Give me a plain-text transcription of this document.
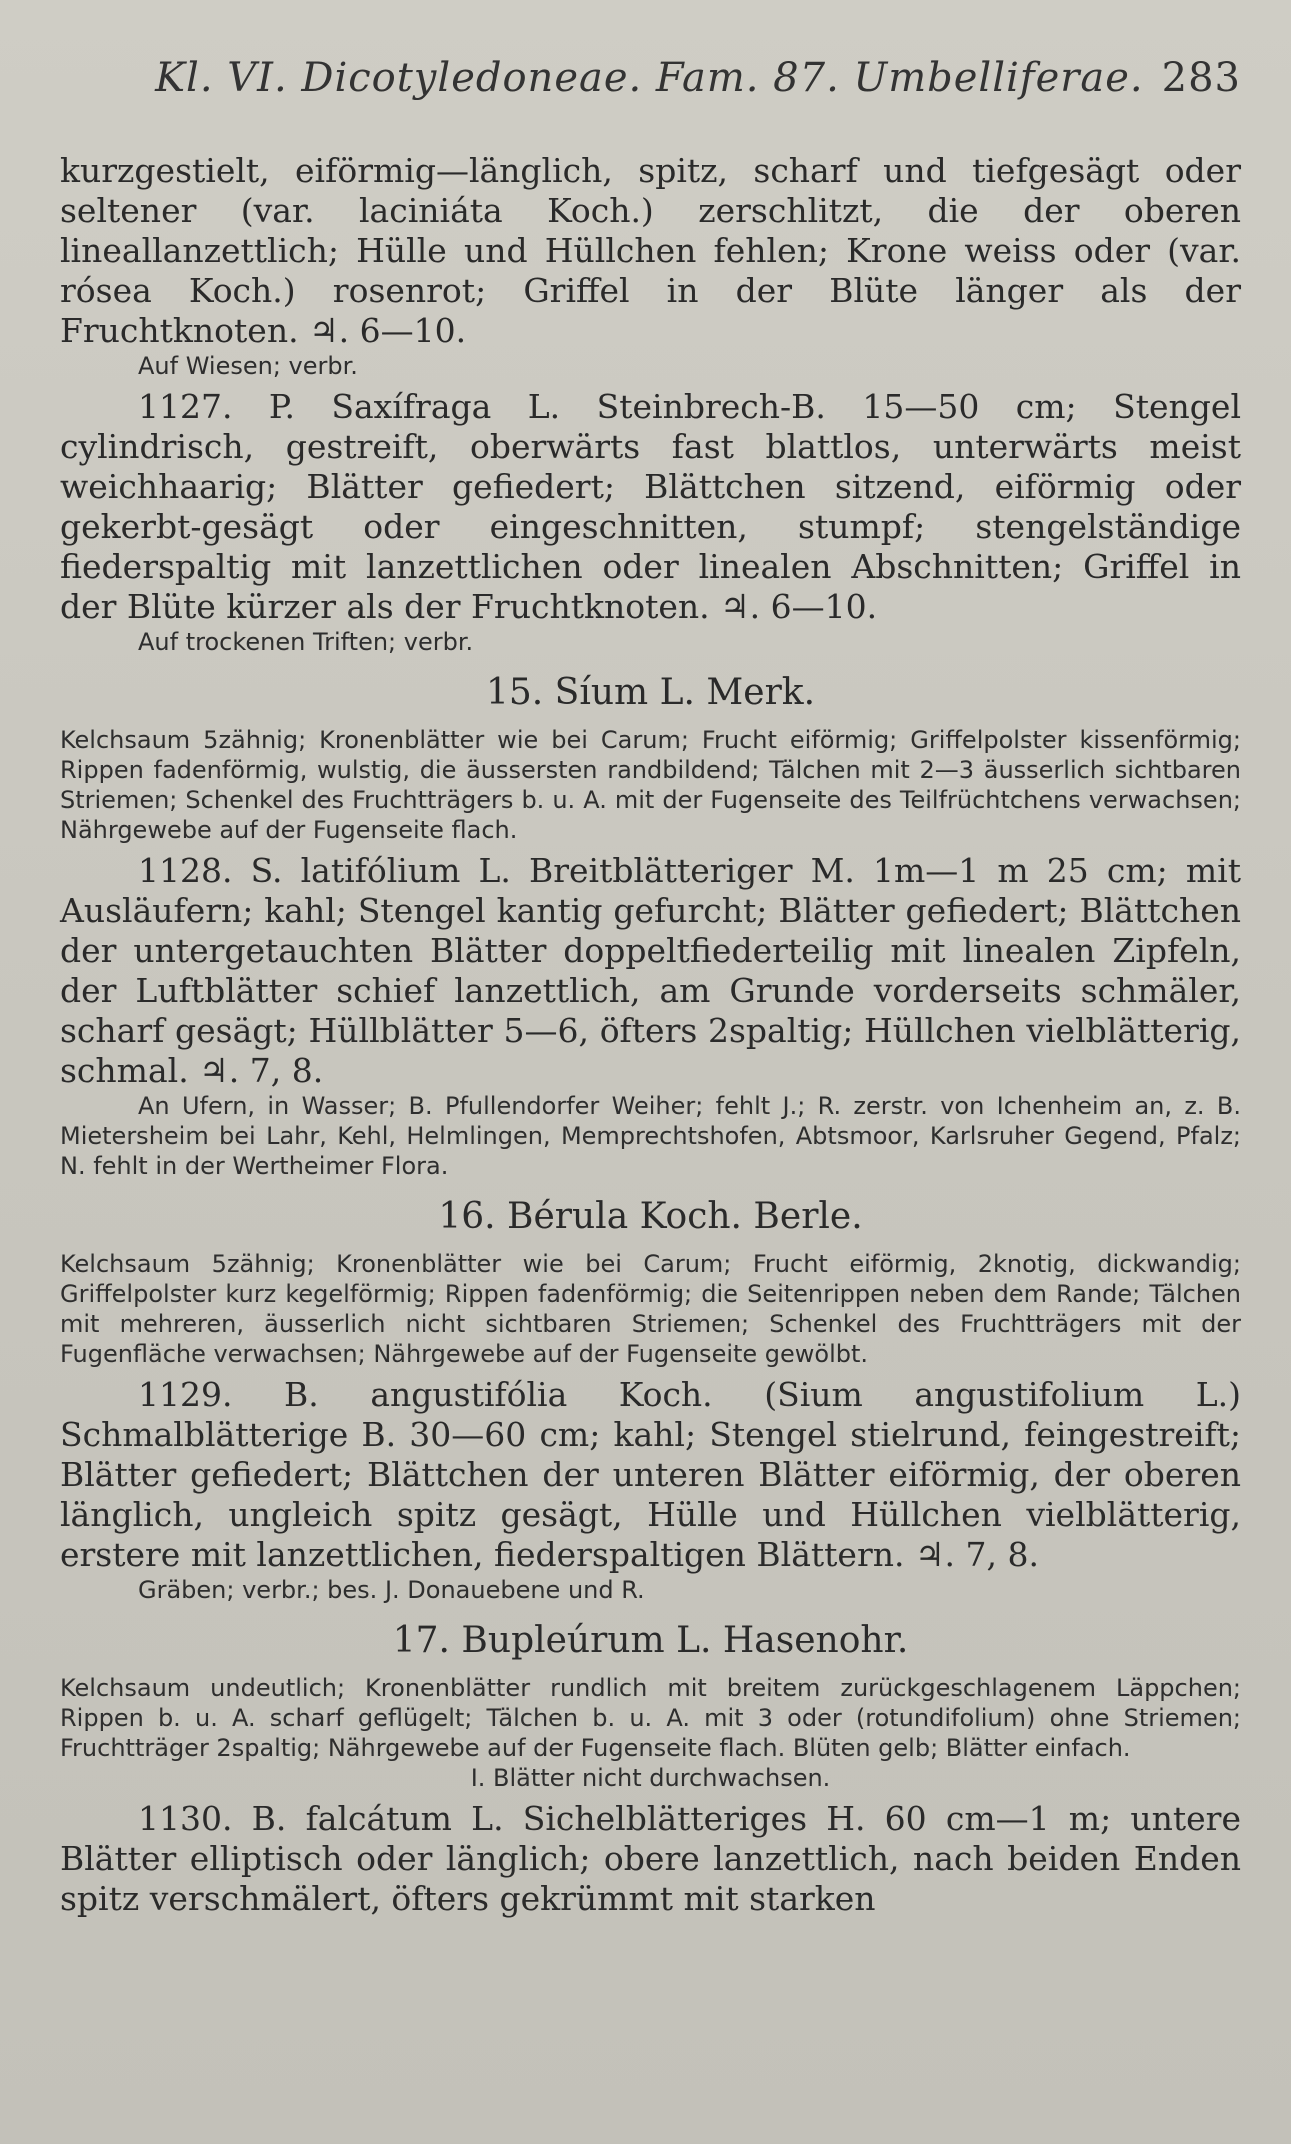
Kl. VI. Dicotyledoneae. Fam. 87. Umbelliferae. 283

kurzgestielt, eiförmig—länglich, spitz, scharf und tiefgesägt oder seltener (var. laciniáta Koch.) zerschlitzt, die der oberen lineallanzettlich; Hülle und Hüllchen fehlen; Krone weiss oder (var. rósea Koch.) rosenrot; Griffel in der Blüte länger als der Fruchtknoten. ♃. 6—10.

Auf Wiesen; verbr.

1127. P. Saxífraga L. Steinbrech-B. 15—50 cm; Stengel cylindrisch, gestreift, oberwärts fast blattlos, unterwärts meist weichhaarig; Blätter gefiedert; Blättchen sitzend, eiförmig oder gekerbt-gesägt oder eingeschnitten, stumpf; stengelständige fiederspaltig mit lanzettlichen oder linealen Abschnitten; Griffel in der Blüte kürzer als der Fruchtknoten. ♃. 6—10.

Auf trockenen Triften; verbr.

15. Síum L. Merk.

Kelchsaum 5zähnig; Kronenblätter wie bei Carum; Frucht eiförmig; Griffelpolster kissenförmig; Rippen fadenförmig, wulstig, die äussersten randbildend; Tälchen mit 2—3 äusserlich sichtbaren Striemen; Schenkel des Fruchtträgers b. u. A. mit der Fugenseite des Teilfrüchtchens verwachsen; Nährgewebe auf der Fugenseite flach.

1128. S. latifólium L. Breitblätteriger M. 1m—1 m 25 cm; mit Ausläufern; kahl; Stengel kantig gefurcht; Blätter gefiedert; Blättchen der untergetauchten Blätter doppeltfiederteilig mit linealen Zipfeln, der Luftblätter schief lanzettlich, am Grunde vorderseits schmäler, scharf gesägt; Hüllblätter 5—6, öfters 2spaltig; Hüllchen vielblätterig, schmal. ♃. 7, 8.

An Ufern, in Wasser; B. Pfullendorfer Weiher; fehlt J.; R. zerstr. von Ichenheim an, z. B. Mietersheim bei Lahr, Kehl, Helmlingen, Memprechtshofen, Abtsmoor, Karlsruher Gegend, Pfalz; N. fehlt in der Wertheimer Flora.

16. Bérula Koch. Berle.

Kelchsaum 5zähnig; Kronenblätter wie bei Carum; Frucht eiförmig, 2knotig, dickwandig; Griffelpolster kurz kegelförmig; Rippen fadenförmig; die Seitenrippen neben dem Rande; Tälchen mit mehreren, äusserlich nicht sichtbaren Striemen; Schenkel des Fruchtträgers mit der Fugenfläche verwachsen; Nährgewebe auf der Fugenseite gewölbt.

1129. B. angustifólia Koch. (Sium angustifolium L.) Schmalblätterige B. 30—60 cm; kahl; Stengel stielrund, feingestreift; Blätter gefiedert; Blättchen der unteren Blätter eiförmig, der oberen länglich, ungleich spitz gesägt, Hülle und Hüllchen vielblätterig, erstere mit lanzettlichen, fiederspaltigen Blättern. ♃. 7, 8.

Gräben; verbr.; bes. J. Donauebene und R.

17. Bupleúrum L. Hasenohr.

Kelchsaum undeutlich; Kronenblätter rundlich mit breitem zurückgeschlagenem Läppchen; Rippen b. u. A. scharf geflügelt; Tälchen b. u. A. mit 3 oder (rotundifolium) ohne Striemen; Fruchtträger 2spaltig; Nährgewebe auf der Fugenseite flach. Blüten gelb; Blätter einfach.

I. Blätter nicht durchwachsen.

1130. B. falcátum L. Sichelblätteriges H. 60 cm—1 m; untere Blätter elliptisch oder länglich; obere lanzettlich, nach beiden Enden spitz verschmälert, öfters gekrümmt mit starken
